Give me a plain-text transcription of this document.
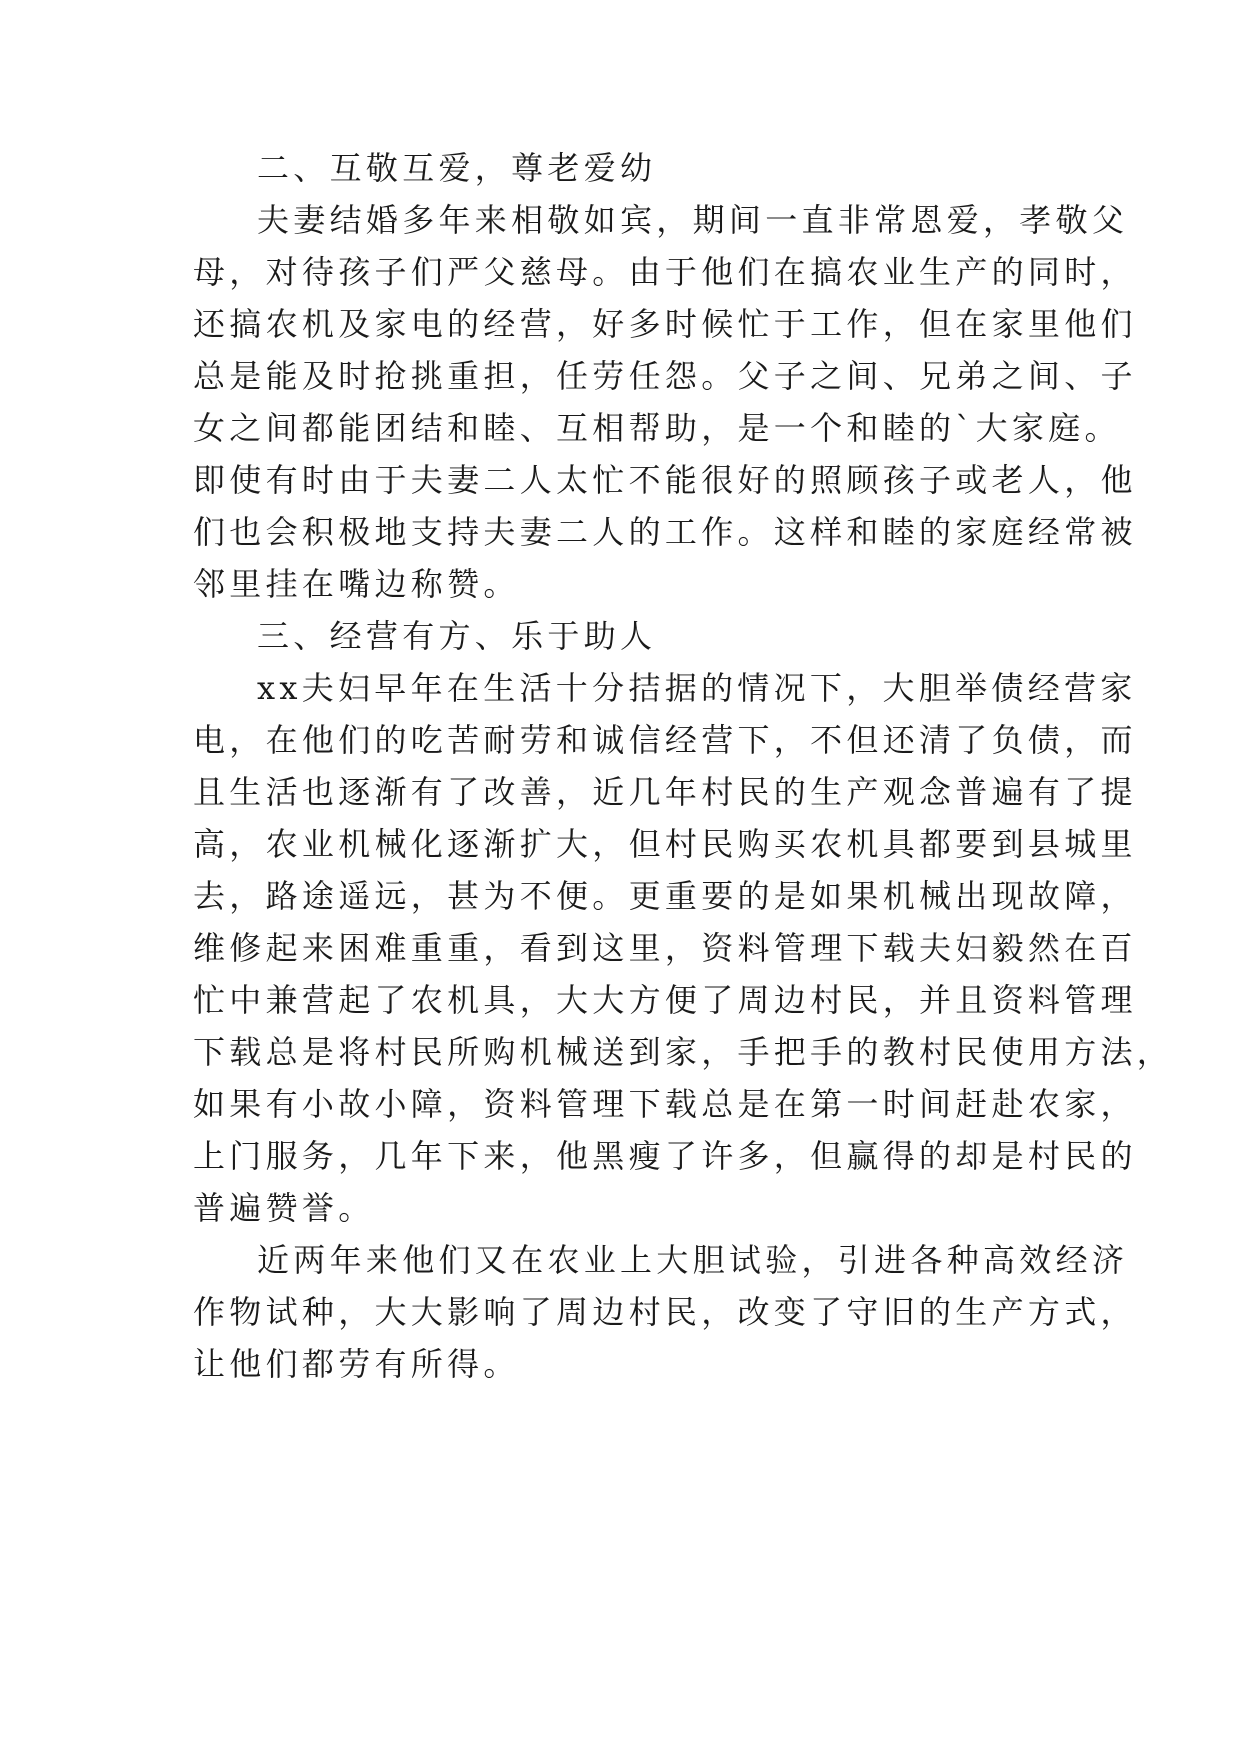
二、互敬互爱，尊老爱幼
夫妻结婚多年来相敬如宾，期间一直非常恩爱，孝敬父
母，对待孩子们严父慈母。由于他们在搞农业生产的同时，
还搞农机及家电的经营，好多时候忙于工作，但在家里他们
总是能及时抢挑重担，任劳任怨。父子之间、兄弟之间、子
女之间都能团结和睦、互相帮助，是一个和睦的`大家庭。
即使有时由于夫妻二人太忙不能很好的照顾孩子或老人，他
们也会积极地支持夫妻二人的工作。这样和睦的家庭经常被
邻里挂在嘴边称赞。
三、经营有方、乐于助人
xx夫妇早年在生活十分拮据的情况下，大胆举债经营家
电，在他们的吃苦耐劳和诚信经营下，不但还清了负债，而
且生活也逐渐有了改善，近几年村民的生产观念普遍有了提
高，农业机械化逐渐扩大，但村民购买农机具都要到县城里
去，路途遥远，甚为不便。更重要的是如果机械出现故障，
维修起来困难重重，看到这里，资料管理下载夫妇毅然在百
忙中兼营起了农机具，大大方便了周边村民，并且资料管理
下载总是将村民所购机械送到家，手把手的教村民使用方法，
如果有小故小障，资料管理下载总是在第一时间赶赴农家，
上门服务，几年下来，他黑瘦了许多，但赢得的却是村民的
普遍赞誉。
近两年来他们又在农业上大胆试验，引进各种高效经济
作物试种，大大影响了周边村民，改变了守旧的生产方式，
让他们都劳有所得。
